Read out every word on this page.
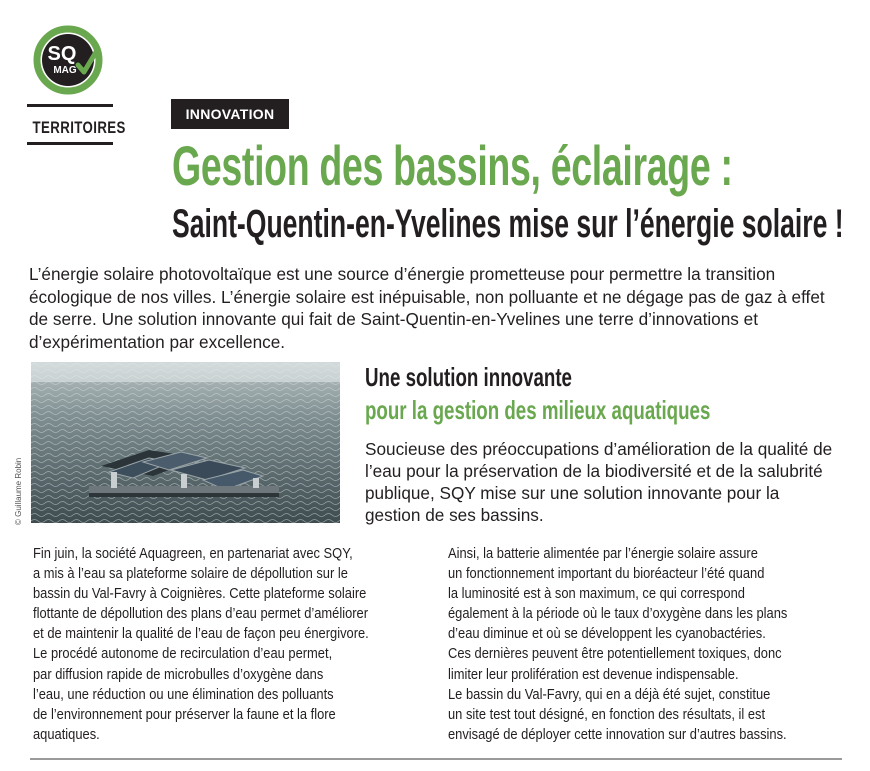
SQ
MAG
TERRITOIRES
INNOVATION
Gestion des bassins, éclairage :
Saint-Quentin-en-Yvelines mise sur l’énergie solaire !
L’énergie solaire photovoltaïque est une source d’énergie prometteuse pour permettre la transition écologique de nos villes. L’énergie solaire est inépuisable, non polluante et ne dégage pas de gaz à effet de serre. Une solution innovante qui fait de Saint-Quentin-en-Yvelines une terre d’innovations et d’expérimentation par excellence.
© Guillaume Robin
Une solution innovante
pour la gestion des milieux aquatiques
Soucieuse des préoccupations d’amélioration de la qualité de l’eau pour la préservation de la biodiversité et de la salubrité publique, SQY mise sur une solution innovante pour la gestion de ses bassins.

Fin juin, la société Aquagreen, en partenariat avec SQY,

a mis à l’eau sa plateforme solaire de dépollution sur le

bassin du Val-Favry à Coignières. Cette plateforme solaire

flottante de dépollution des plans d’eau permet d’améliorer

et de maintenir la qualité de l’eau de façon peu énergivore.

Le procédé autonome de recirculation d’eau permet,

par diffusion rapide de microbulles d’oxygène dans

l’eau, une réduction ou une élimination des polluants

de l’environnement pour préserver la faune et la flore

aquatiques.

Ainsi, la batterie alimentée par l’énergie solaire assure

un fonctionnement important du bioréacteur l’été quand

la luminosité est à son maximum, ce qui correspond

également à la période où le taux d’oxygène dans les plans

d’eau diminue et où se développent les cyanobactéries.

Ces dernières peuvent être potentiellement toxiques, donc

limiter leur prolifération est devenue indispensable.

Le bassin du Val-Favry, qui en a déjà été sujet, constitue

un site test tout désigné, en fonction des résultats, il est

envisagé de déployer cette innovation sur d’autres bassins.
